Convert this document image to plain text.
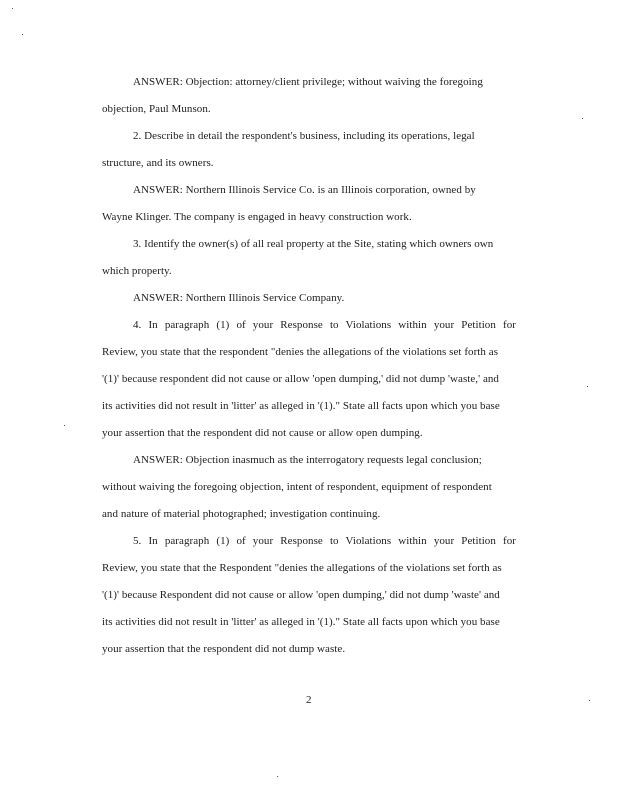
ANSWER: Objection: attorney/client privilege; without waiving the foregoing
objection, Paul Munson.
2. Describe in detail the respondent's business, including its operations, legal
structure, and its owners.
ANSWER: Northern Illinois Service Co. is an Illinois corporation, owned by
Wayne Klinger. The company is engaged in heavy construction work.
3. Identify the owner(s) of all real property at the Site, stating which owners own
which property.
ANSWER: Northern Illinois Service Company.
4. In paragraph (1) of your Response to Violations within your Petition for
Review, you state that the respondent "denies the allegations of the violations set forth as
'(1)' because respondent did not cause or allow 'open dumping,' did not dump 'waste,' and
its activities did not result in 'litter' as alleged in '(1)." State all facts upon which you base
your assertion that the respondent did not cause or allow open dumping.
ANSWER: Objection inasmuch as the interrogatory requests legal conclusion;
without waiving the foregoing objection, intent of respondent, equipment of respondent
and nature of material photographed; investigation continuing.
5. In paragraph (1) of your Response to Violations within your Petition for
Review, you state that the Respondent "denies the allegations of the violations set forth as
'(1)' because Respondent did not cause or allow 'open dumping,' did not dump 'waste' and
its activities did not result in 'litter' as alleged in '(1)." State all facts upon which you base
your assertion that the respondent did not dump waste.
2
